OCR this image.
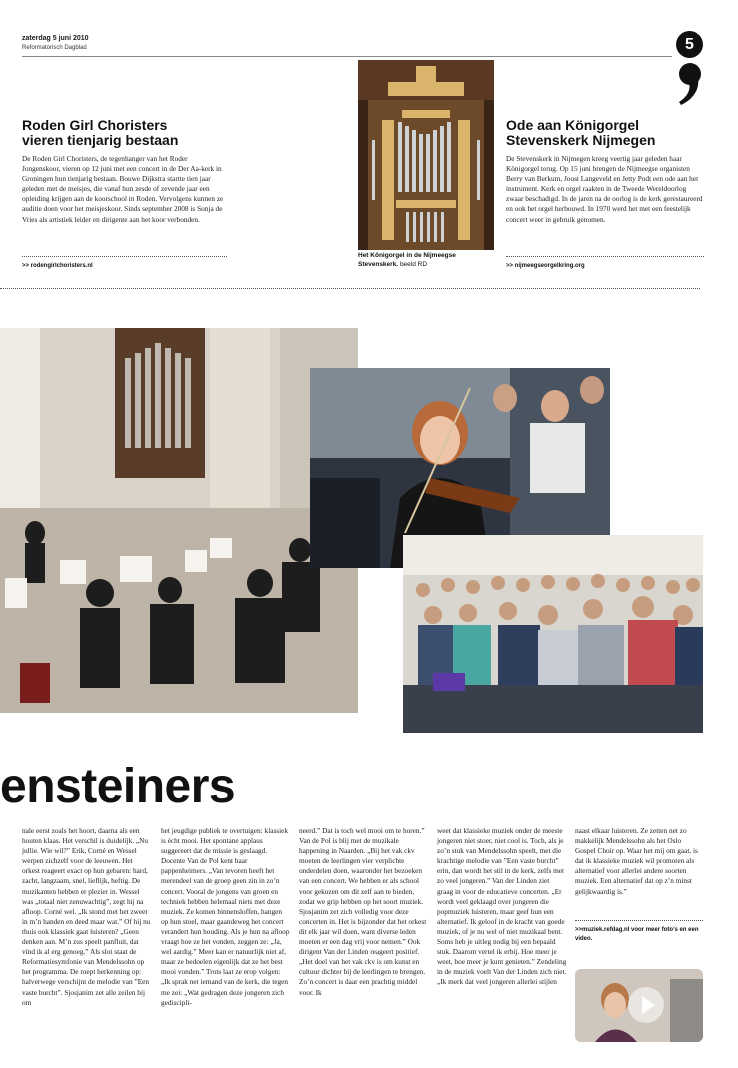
zaterdag 5 juni 2010
Reformatorisch Dagblad	5
Roden Girl Choristers
vieren tienjarig bestaan

De Roden Girl Choristers, de tegenhanger van het Roder Jongenskoor, vieren op 12 juni met een concert in de Der Aa-kerk in Groningen hun tienjarig bestaan. Bouwe Dijkstra startte tien jaar geleden met de meisjes, die vanaf hun zesde of zevende jaar een opleiding krijgen aan de koorschool in Roden. Vervolgens kunnen ze auditie doen voor het meisjeskoor. Sinds september 2008 is Sonja de Vries als artistiek leider en dirigente aan het koor verbonden.

>> rodengirlchoristers.nl
Het Königorgel in de Nijmeegse Stevenskerk. beeld RD
Ode aan Königorgel
Stevenskerk Nijmegen

De Stevenskerk in Nijmegen kreeg veertig jaar geleden haar Königorgel terug. Op 15 juni brengen de Nijmeegse organisten Berry van Berkum, Joost Langeveld en Jetty Podt een ode aan het instrument. Kerk en orgel raakten in de Tweede Wereldoorlog zwaar beschadigd. In de jaren na de oorlog is de kerk gerestaureerd en ook het orgel herbouwd. In 1970 werd het met een feestelijk concert weer in gebruik genomen.

>> nijmeegseorgelkring.org
ensteiners
nale eerst zoals het hoort, daarna als een houten klaas. Het verschil is duidelijk. „Nu jullie. Wie wil?” Erik, Corné en Wessel werpen zichzelf voor de leeuwen. Het orkest reageert exact op hun gebaren: hard, zacht, langzaam, snel, lieflijk, heftig. De muzikanten hebben er plezier in. Wessel was „totaal niet zenuwachtig”, zegt hij na afloop. Corné wel. „Ik stond met het zweet in m’n handen en deed maar wat.” Of hij nu thuis ook klassiek gaat luisteren? „Geen denken aan. M’n zus speelt panfluit, dat vind ik al erg genoeg.” Als slot staat de Reformatiesymfonie van Mendelssohn op het programma. De roept herkenning op: halverwege verschijnt de melodie van ”Een vaste burcht”. Sjosjanim zet alle zeilen bij om
het jeugdige publiek te overtuigen: klassiek is écht mooi. Het spontane applaus suggereert dat de missie is geslaagd. Docente Van de Pol kent haar pappenheimers. „Van tevoren heeft het merendeel van de groep geen zin in zo’n concert. Vooral de jongens van groen en techniek hebben helemaal niets met deze muziek. Ze komen binnensloffen, hangen op hun stoel, maar gaandeweg het concert verandert hun houding. Als je hun na afloop vraagt hoe ze het vonden, zeggen ze: „Ja, wel aardig.” Meer kan er natuurlijk niet af, maar ze bedoelen eigenlijk dat ze het best mooi vonden.” Trots laat ze erop volgen: „Ik sprak net iemand van de kerk, die tegen me zei: „Wat gedragen deze jongeren zich gediscipli-
neerd.” Dat is toch wel mooi om te horen.” Van de Pol is blij met de muzikale happening in Naarden. „Bij het vak ckv moeten de leerlingen vier verplichte onderdelen doen, waaronder het bezoeken van een concert. We hebben er als school voor gekozen om dit zelf aan te bieden, zodat we grip hebben op het soort muziek. Sjosjanim zet zich volledig voor deze concerten in. Het is bijzonder dat het orkest dit elk jaar wil doen, want diverse leden moeten er een dag vrij voor nemen.” Ook dirigent Van der Linden reageert positief. „Het doel van het vak ckv is om kunst en cultuur dichter bij de leerlingen te brengen. Zo’n concert is daar een prachtig middel voor. Ik
weet dat klassieke muziek onder de meeste jongeren niet stoer, niet cool is. Toch, als je zo’n stuk van Mendelssohn speelt, met die krachtige melodie van ”Een vaste burcht” erin, dan wordt het stil in de kerk, zelfs met zo veel jongeren.” Van der Linden ziet graag in voor de educatieve concerten. „Er wordt veel geklaagd over jongeren die popmuziek luisteren, maar geef hun een alternatief. Ik geloof in de kracht van goede muziek, of je nu wel of niet muzikaal bent. Soms heb je uitleg nodig bij een bepaald stuk. Daarom vertel ik erbij. Hoe meer je weet, hoe meer je kunt genieten.” Zendeling in de muziek voelt Van der Linden zich niet. „Ik merk dat veel jongeren allerlei stijlen
naast elkaar luisteren. Ze zetten net zo makkelijk Mendelssohn als het Oslo Gospel Choir op. Waar het mij om gaat, is dat ik klassieke muziek wil promoten als alternatief voor allerlei andere soorten muziek. Een alternatief dat op z’n minst gelijkwaardig is.”
>>muziek.refdag.nl voor meer foto’s en een video.
